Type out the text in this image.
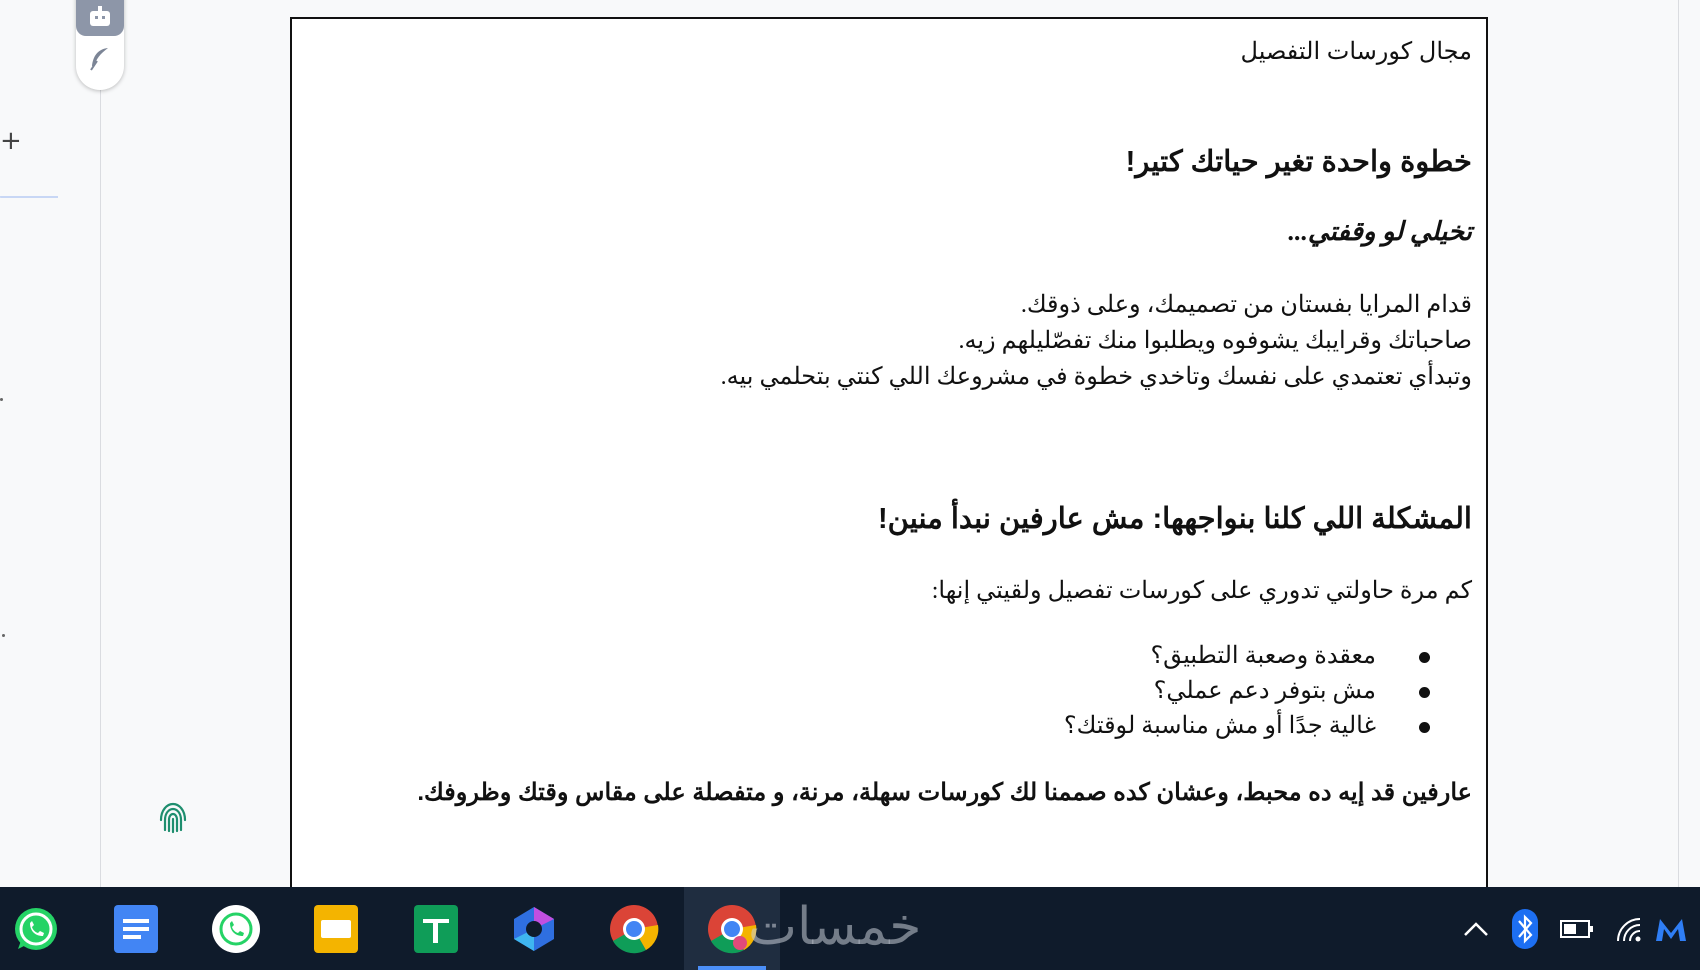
+

مجال كورسات التفصيل

خطوة واحدة تغير حياتك كتير!

تخيلي لو وقفتي...

قدام المرايا بفستان من تصميمك، وعلى ذوقك.
صاحباتك وقرايبك يشوفوه ويطلبوا منك تفصّليلهم زيه.
وتبدأي تعتمدي على نفسك وتاخدي خطوة في مشروعك اللي كنتي بتحلمي بيه.

المشكلة اللي كلنا بنواجهها: مش عارفين نبدأ منين!

كم مرة حاولتي تدوري على كورسات تفصيل ولقيتي إنها:

معقدة وصعبة التطبيق؟
مش بتوفر دعم عملي؟
غالية جدًا أو مش مناسبة لوقتك؟

عارفين قد إيه ده محبط، وعشان كده صممنا لك كورسات سهلة، مرنة، و متفصلة على مقاس وقتك وظروفك.

خمسات
